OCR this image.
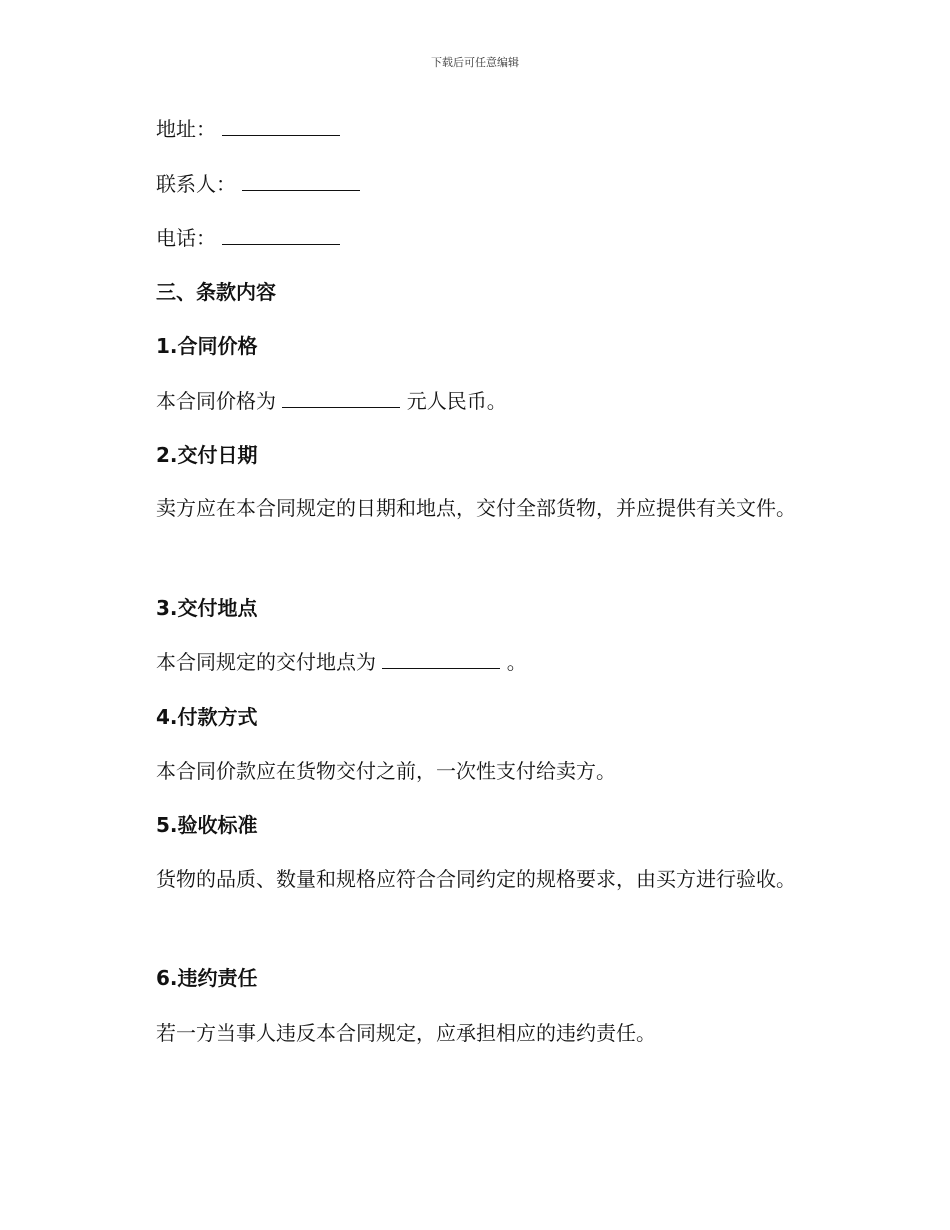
下载后可任意编辑
地址：
联系人：
电话：
三、条款内容
1.合同价格
本合同价格为	元人民币。
2.交付日期
卖方应在本合同规定的日期和地点，交付全部货物，并应提供有关文件。
3.交付地点
本合同规定的交付地点为	。
4.付款方式
本合同价款应在货物交付之前，一次性支付给卖方。
5.验收标准
货物的品质、数量和规格应符合合同约定的规格要求，由买方进行验收。
6.违约责任
若一方当事人违反本合同规定，应承担相应的违约责任。
